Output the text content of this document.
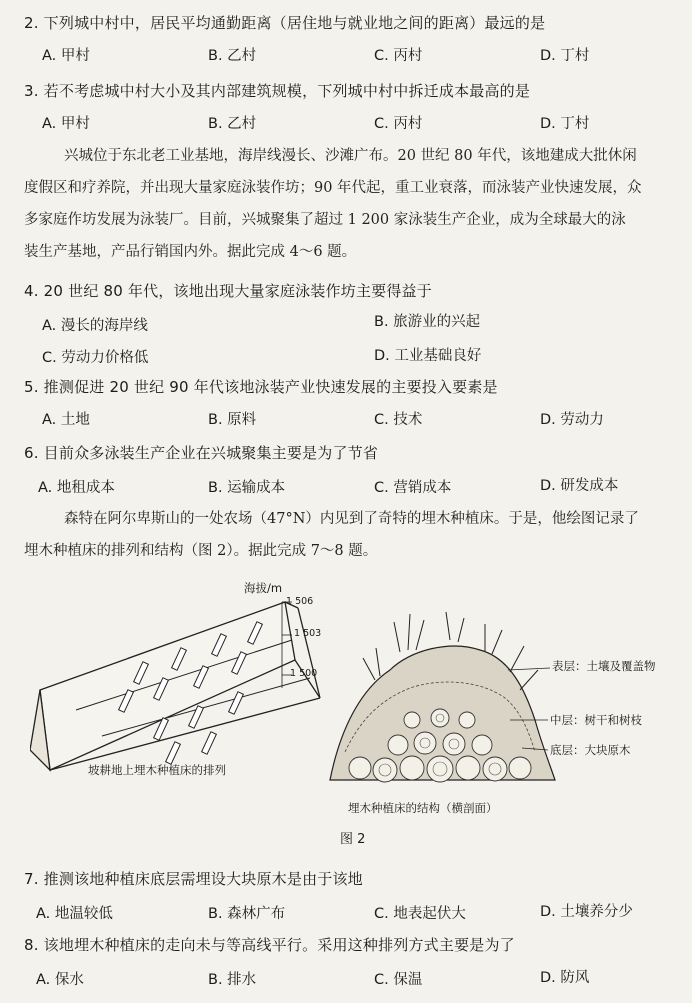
2. 下列城中村中，居民平均通勤距离（居住地与就业地之间的距离）最远的是
A. 甲村	B. 乙村	C. 丙村	D. 丁村
3. 若不考虑城中村大小及其内部建筑规模，下列城中村中拆迁成本最高的是
A. 甲村	B. 乙村	C. 丙村	D. 丁村
兴城位于东北老工业基地，海岸线漫长、沙滩广布。20 世纪 80 年代，该地建成大批休闲
度假区和疗养院，并出现大量家庭泳装作坊；90 年代起，重工业衰落，而泳装产业快速发展，众
多家庭作坊发展为泳装厂。目前，兴城聚集了超过 1 200 家泳装生产企业，成为全球最大的泳
装生产基地，产品行销国内外。据此完成 4～6 题。
4. 20 世纪 80 年代，该地出现大量家庭泳装作坊主要得益于
A. 漫长的海岸线	B. 旅游业的兴起
C. 劳动力价格低	D. 工业基础良好
5. 推测促进 20 世纪 90 年代该地泳装产业快速发展的主要投入要素是
A. 土地	B. 原料	C. 技术	D. 劳动力
6. 目前众多泳装生产企业在兴城聚集主要是为了节省
A. 地租成本	B. 运输成本	C. 营销成本	D. 研发成本
森特在阿尔卑斯山的一处农场（47°N）内见到了奇特的埋木种植床。于是，他绘图记录了
埋木种植床的排列和结构（图 2）。据此完成 7～8 题。
海拔/m
1 506
1 503
1 500
表层：土壤及覆盖物
中层：树干和树枝
底层：大块原木
坡耕地上埋木种植床的排列
埋木种植床的结构（横剖面）
图 2
7. 推测该地种植床底层需埋设大块原木是由于该地
A. 地温较低	B. 森林广布	C. 地表起伏大	D. 土壤养分少
8. 该地埋木种植床的走向未与等高线平行。采用这种排列方式主要是为了
A. 保水	B. 排水	C. 保温	D. 防风
